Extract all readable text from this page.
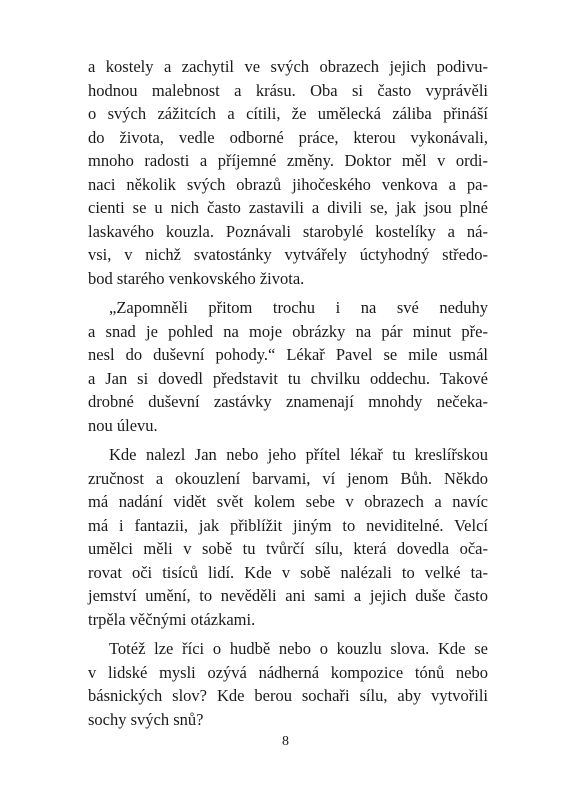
a kostely a zachytil ve svých obrazech jejich podivu-
hodnou malebnost a krásu. Oba si často vyprávěli
o svých zážitcích a cítili, že umělecká záliba přináší
do života, vedle odborné práce, kterou vykonávali,
mnoho radosti a příjemné změny. Doktor měl v ordi-
naci několik svých obrazů jihočeského venkova a pa-
cienti se u nich často zastavili a divili se, jak jsou plné
laskavého kouzla. Poznávali starobylé kostelíky a ná-
vsi, v nichž svatostánky vytvářely úctyhodný středo-
bod starého venkovského života.
„Zapomněli přitom trochu i na své neduhy
a snad je pohled na moje obrázky na pár minut pře-
nesl do duševní pohody.“ Lékař Pavel se mile usmál
a Jan si dovedl představit tu chvilku oddechu. Takové
drobné duševní zastávky znamenají mnohdy nečeka-
nou úlevu.
Kde nalezl Jan nebo jeho přítel lékař tu kreslířskou
zručnost a okouzlení barvami, ví jenom Bůh. Někdo
má nadání vidět svět kolem sebe v obrazech a navíc
má i fantazii, jak přiblížit jiným to neviditelné. Velcí
umělci měli v sobě tu tvůrčí sílu, která dovedla oča-
rovat oči tisíců lidí. Kde v sobě nalézali to velké ta-
jemství umění, to nevěděli ani sami a jejich duše často
trpěla věčnými otázkami.
Totéž lze říci o hudbě nebo o kouzlu slova. Kde se
v lidské mysli ozývá nádherná kompozice tónů nebo
básnických slov? Kde berou sochaři sílu, aby vytvořili
sochy svých snů?
8
